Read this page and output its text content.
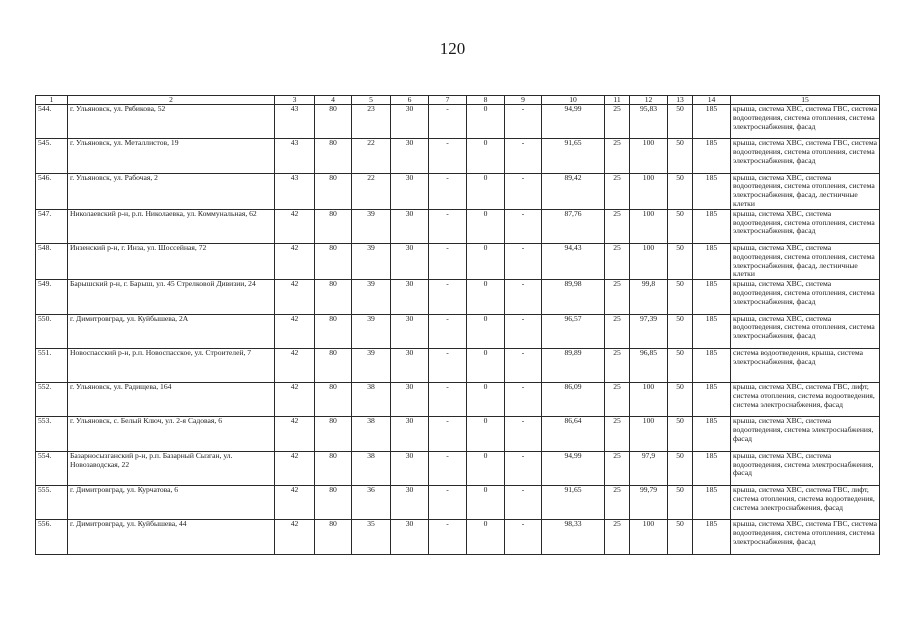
120
1	2	3	4	5	6	7	8	9	10	11	12	13	14	15
544.	г. Ульяновск, ул. Рябикова, 52	43	80	23	30	-	0	-	94,99	25	95,83	50	185	крыша, система ХВС, система ГВС, система водоотведения, система отопления, система электроснабжения, фасад
545.	г. Ульяновск, ул. Металлистов, 19	43	80	22	30	-	0	-	91,65	25	100	50	185	крыша, система ХВС, система ГВС, система водоотведения, система отопления, система электроснабжения, фасад
546.	г. Ульяновск, ул. Рабочая, 2	43	80	22	30	-	0	-	89,42	25	100	50	185	крыша, система ХВС, система водоотведения, система отопления, система электроснабжения, фасад, лестничные клетки
547.	Николаевский р-н, р.п. Николаевка, ул. Коммунальная, 62	42	80	39	30	-	0	-	87,76	25	100	50	185	крыша, система ХВС, система водоотведения, система отопления, система электроснабжения, фасад
548.	Инзенский р-н, г. Инза, ул. Шоссейная, 72	42	80	39	30	-	0	-	94,43	25	100	50	185	крыша, система ХВС, система водоотведения, система отопления, система электроснабжения, фасад, лестничные клетки
549.	Барышский р-н, г. Барыш, ул. 45 Стрелковой Дивизии, 24	42	80	39	30	-	0	-	89,98	25	99,8	50	185	крыша, система ХВС, система водоотведения, система отопления, система электроснабжения, фасад
550.	г. Димитровград, ул. Куйбышева, 2А	42	80	39	30	-	0	-	96,57	25	97,39	50	185	крыша, система ХВС, система водоотведения, система отопления, система электроснабжения, фасад
551.	Новоспасский р-н, р.п. Новоспасское, ул. Строителей, 7	42	80	39	30	-	0	-	89,89	25	96,85	50	185	система водоотведения, крыша, система электроснабжения, фасад
552.	г. Ульяновск, ул. Радищева, 164	42	80	38	30	-	0	-	86,09	25	100	50	185	крыша, система ХВС, система ГВС, лифт, система отопления, система водоотведения, система электроснабжения, фасад
553.	г. Ульяновск, с. Белый Ключ, ул. 2-я Садовая, 6	42	80	38	30	-	0	-	86,64	25	100	50	185	крыша, система ХВС, система водоотведения, система электроснабжения, фасад
554.	Базарносызганский р-н, р.п. Базарный Сызган, ул. Новозаводская, 22	42	80	38	30	-	0	-	94,99	25	97,9	50	185	крыша, система ХВС, система водоотведения, система электроснабжения, фасад
555.	г. Димитровград, ул. Курчатова, 6	42	80	36	30	-	0	-	91,65	25	99,79	50	185	крыша, система ХВС, система ГВС, лифт, система отопления, система водоотведения, система электроснабжения, фасад
556.	г. Димитровград, ул. Куйбышева, 44	42	80	35	30	-	0	-	98,33	25	100	50	185	крыша, система ХВС, система ГВС, система водоотведения, система отопления, система электроснабжения, фасад
